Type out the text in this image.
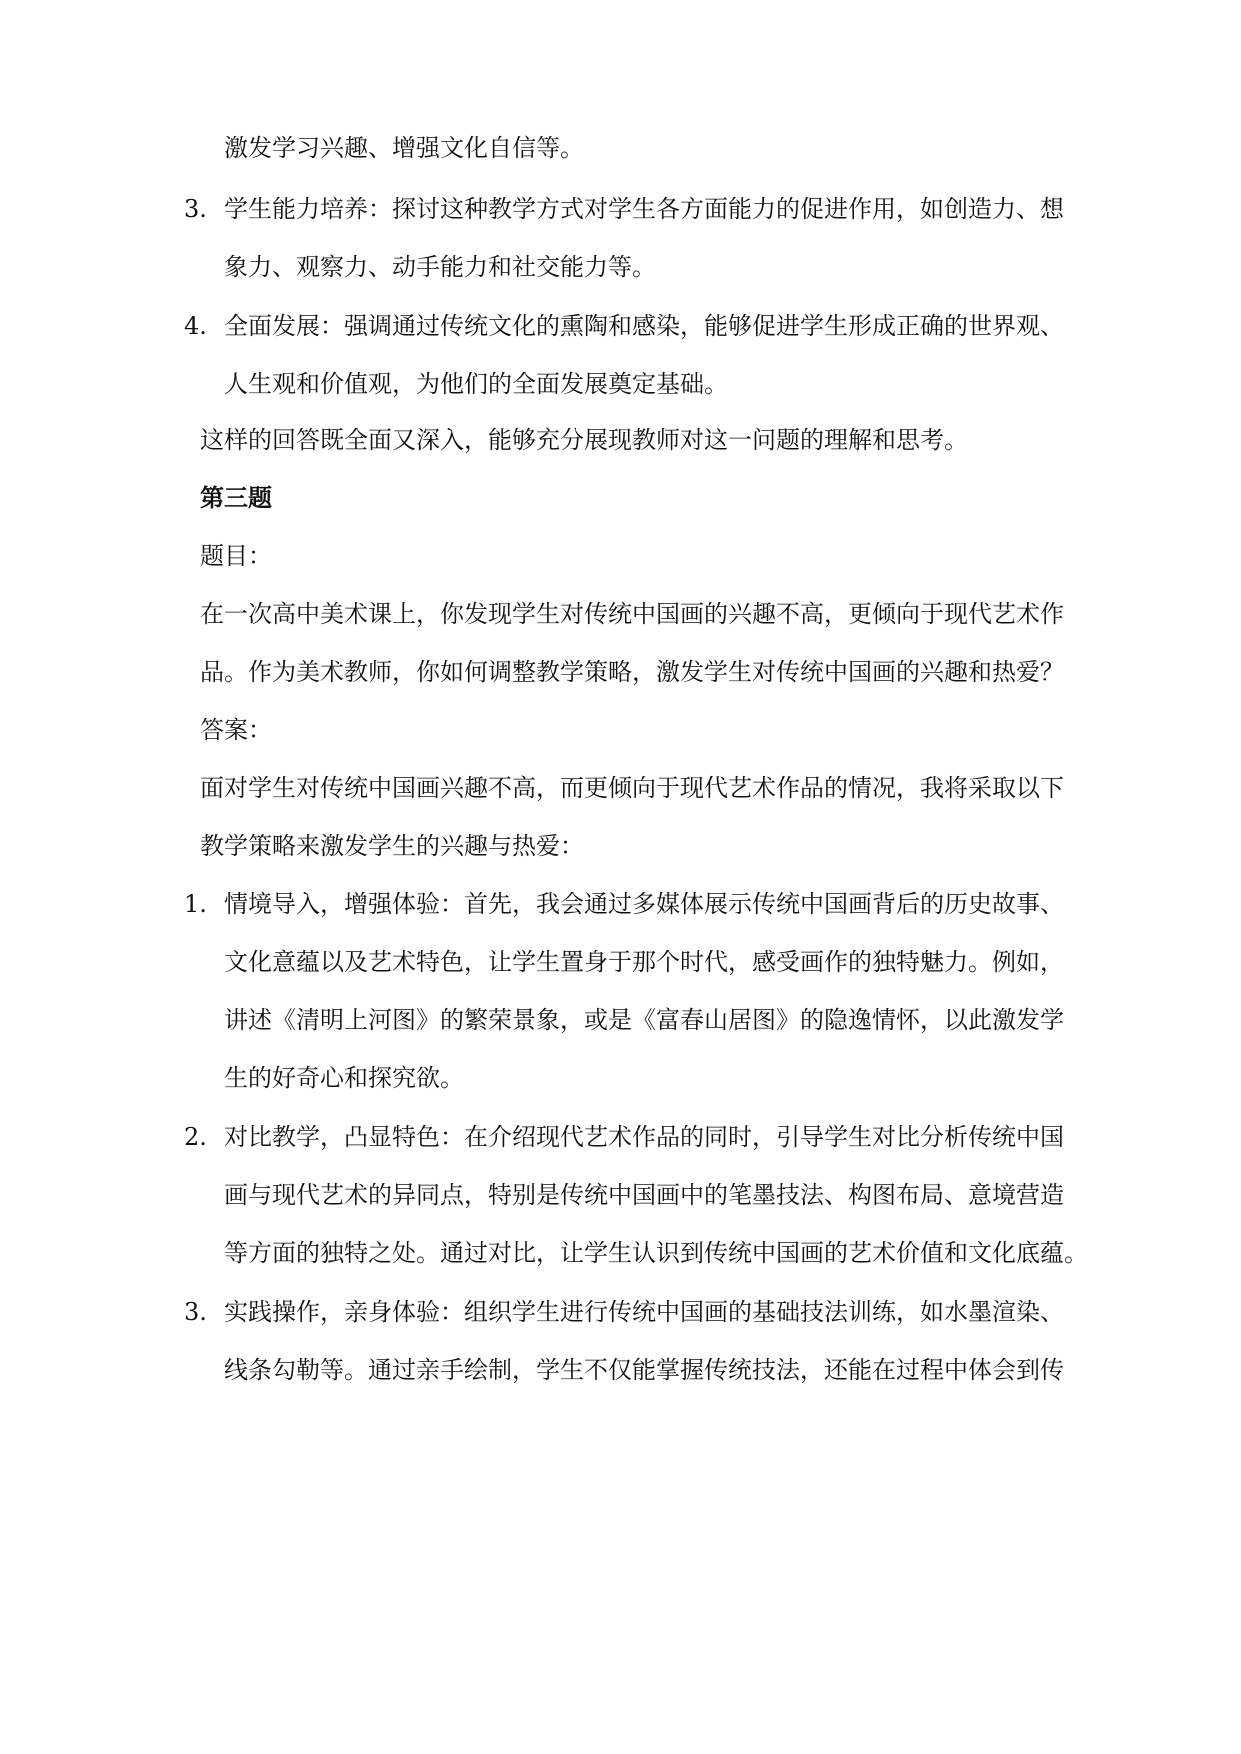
激发学习兴趣、增强文化自信等。
3. 学生能力培养：探讨这种教学方式对学生各方面能力的促进作用，如创造力、想
象力、观察力、动手能力和社交能力等。
4. 全面发展：强调通过传统文化的熏陶和感染，能够促进学生形成正确的世界观、
人生观和价值观，为他们的全面发展奠定基础。
这样的回答既全面又深入，能够充分展现教师对这一问题的理解和思考。
第三题
题目：
在一次高中美术课上，你发现学生对传统中国画的兴趣不高，更倾向于现代艺术作
品。作为美术教师，你如何调整教学策略，激发学生对传统中国画的兴趣和热爱？
答案：
面对学生对传统中国画兴趣不高，而更倾向于现代艺术作品的情况，我将采取以下
教学策略来激发学生的兴趣与热爱：
1. 情境导入，增强体验：首先，我会通过多媒体展示传统中国画背后的历史故事、
文化意蕴以及艺术特色，让学生置身于那个时代，感受画作的独特魅力。例如，
讲述《清明上河图》的繁荣景象，或是《富春山居图》的隐逸情怀，以此激发学
生的好奇心和探究欲。
2. 对比教学，凸显特色：在介绍现代艺术作品的同时，引导学生对比分析传统中国
画与现代艺术的异同点，特别是传统中国画中的笔墨技法、构图布局、意境营造
等方面的独特之处。通过对比，让学生认识到传统中国画的艺术价值和文化底蕴。
3. 实践操作，亲身体验：组织学生进行传统中国画的基础技法训练，如水墨渲染、
线条勾勒等。通过亲手绘制，学生不仅能掌握传统技法，还能在过程中体会到传
